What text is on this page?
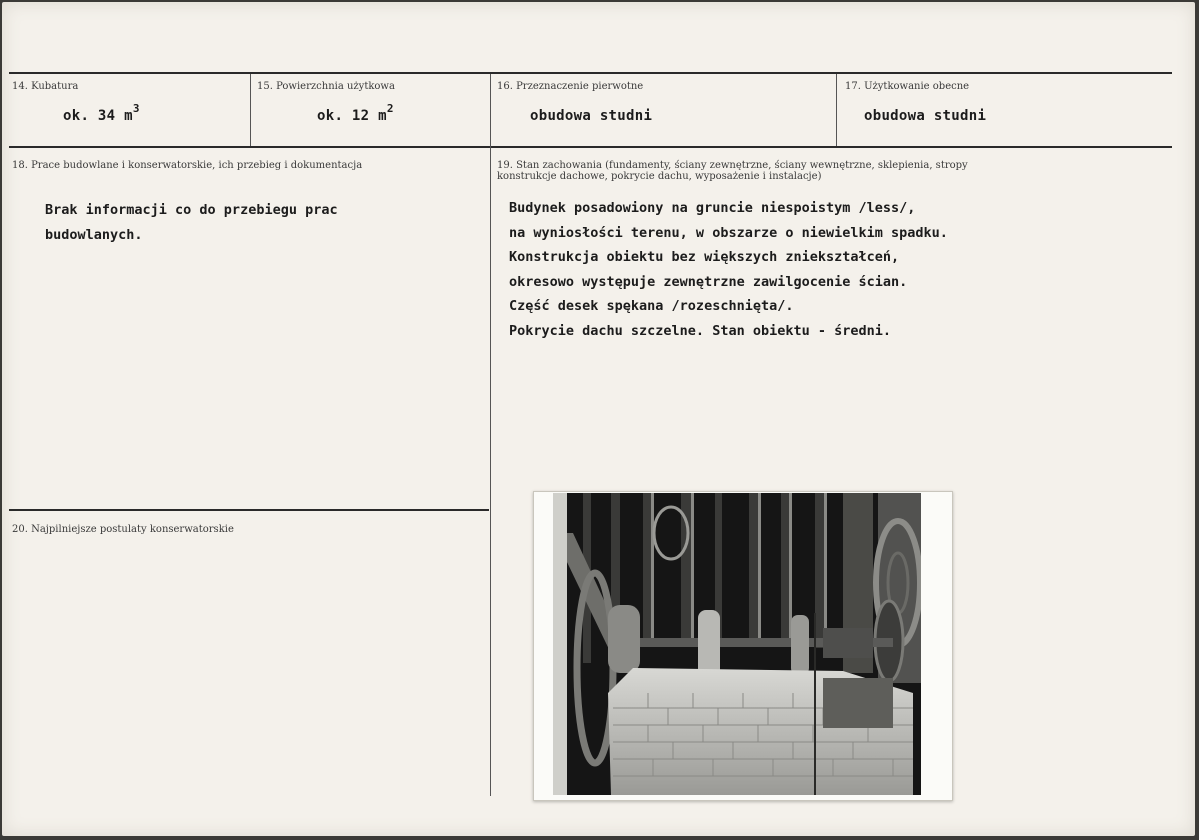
14. Kubatura
ok. 34 $m^3$
15. Powierzchnia użytkowa
ok. 12 $m^2$
16. Przeznaczenie pierwotne
obudowa studni
17. Użytkowanie obecne
obudowa studni
18. Prace budowlane i konserwatorskie, ich przebieg i dokumentacja
Brak informacji co do przebiegu prac
budowlanych.
19. Stan zachowania (fundamenty, ściany zewnętrzne, ściany wewnętrzne, sklepienia, stropy
konstrukcje dachowe, pokrycie dachu, wyposażenie i instalacje)
Budynek posadowiony na gruncie niespoistym /less/,
na wyniosłości terenu, w obszarze o niewielkim spadku.
Konstrukcja obiektu bez większych zniekształceń,
okresowo występuje zewnętrzne zawilgocenie ścian.
Część desek spękana /rozeschnięta/.
Pokrycie dachu szczelne. Stan obiektu - średni.
20. Najpilniejsze postulaty konserwatorskie
